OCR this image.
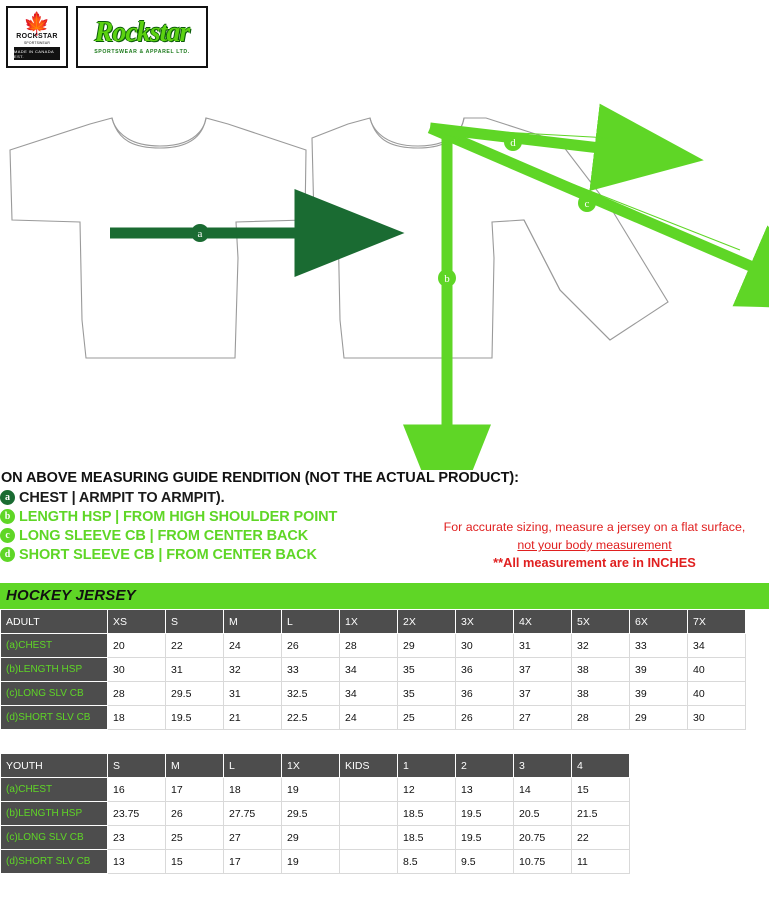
🍁
ROCKSTAR
SPORTSWEAR
MADE IN CANADA EST.
Rockstar
SPORTSWEAR & APPAREL LTD.
a
b
c
d
ON ABOVE MEASURING GUIDE RENDITION (NOT THE ACTUAL PRODUCT):
a CHEST | ARMPIT TO ARMPIT).
b LENGTH HSP | FROM HIGH SHOULDER POINT
c LONG SLEEVE CB | FROM CENTER BACK
d SHORT SLEEVE CB | FROM CENTER BACK
For accurate sizing, measure a jersey on a flat surface,
not your body measurement
**All measurement are in INCHES
HOCKEY JERSEY
ADULT	XS	S	M	L	1X	2X	3X	4X	5X	6X	7X
(a)CHEST	20	22	24	26	28	29	30	31	32	33	34
(b)LENGTH HSP	30	31	32	33	34	35	36	37	38	39	40
(c)LONG SLV CB	28	29.5	31	32.5	34	35	36	37	38	39	40
(d)SHORT SLV CB	18	19.5	21	22.5	24	25	26	27	28	29	30
YOUTH	S	M	L	1X	KIDS	1	2	3	4
(a)CHEST	16	17	18	19		12	13	14	15
(b)LENGTH HSP	23.75	26	27.75	29.5		18.5	19.5	20.5	21.5
(c)LONG SLV CB	23	25	27	29		18.5	19.5	20.75	22
(d)SHORT SLV CB	13	15	17	19		8.5	9.5	10.75	11
